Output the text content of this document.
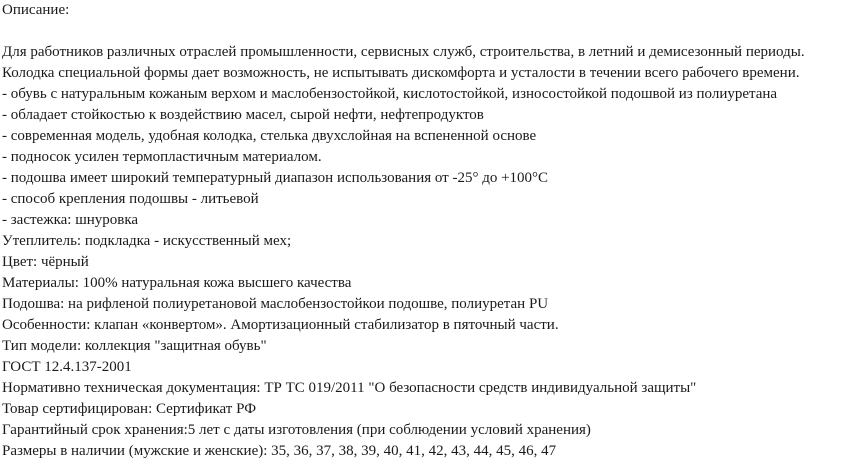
Описание:
Для работников различных отраслей промышленности, сервисных служб, строительства, в летний и демисезонный периоды.
Колодка специальной формы дает возможность, не испытывать дискомфорта и усталости в течении всего рабочего времени.
- обувь с натуральным кожаным верхом и маслобензостойкой, кислотостойкой, износостойкой подошвой из полиуретана
- обладает стойкостью к воздействию масел, сырой нефти, нефтепродуктов
- современная модель, удобная колодка, стелька двухслойная на вспененной основе
- подносок усилен термопластичным материалом.
- подошва имеет широкий температурный диапазон использования от -25° до +100°С
- способ крепления подошвы - литьевой
- застежка: шнуровка
Утеплитель: подкладка - искусственный мех;
Цвет: чёрный
Материалы: 100% натуральная кожа высшего качества
Подошва: на рифленой полиуретановой маслобензостойкои подошве, полиуретан PU
Особенности: клапан «конвертом». Амортизационный стабилизатор в пяточный части.
Тип модели: коллекция "защитная обувь"
ГОСТ 12.4.137-2001
Нормативно техническая документация: ТР ТС 019/2011 "О безопасности средств индивидуальной защиты"
Товар сертифицирован: Сертификат РФ
Гарантийный срок хранения:5 лет с даты изготовления (при соблюдении условий хранения)
Размеры в наличии (мужские и женские): 35, 36, 37, 38, 39, 40, 41, 42, 43, 44, 45, 46, 47
